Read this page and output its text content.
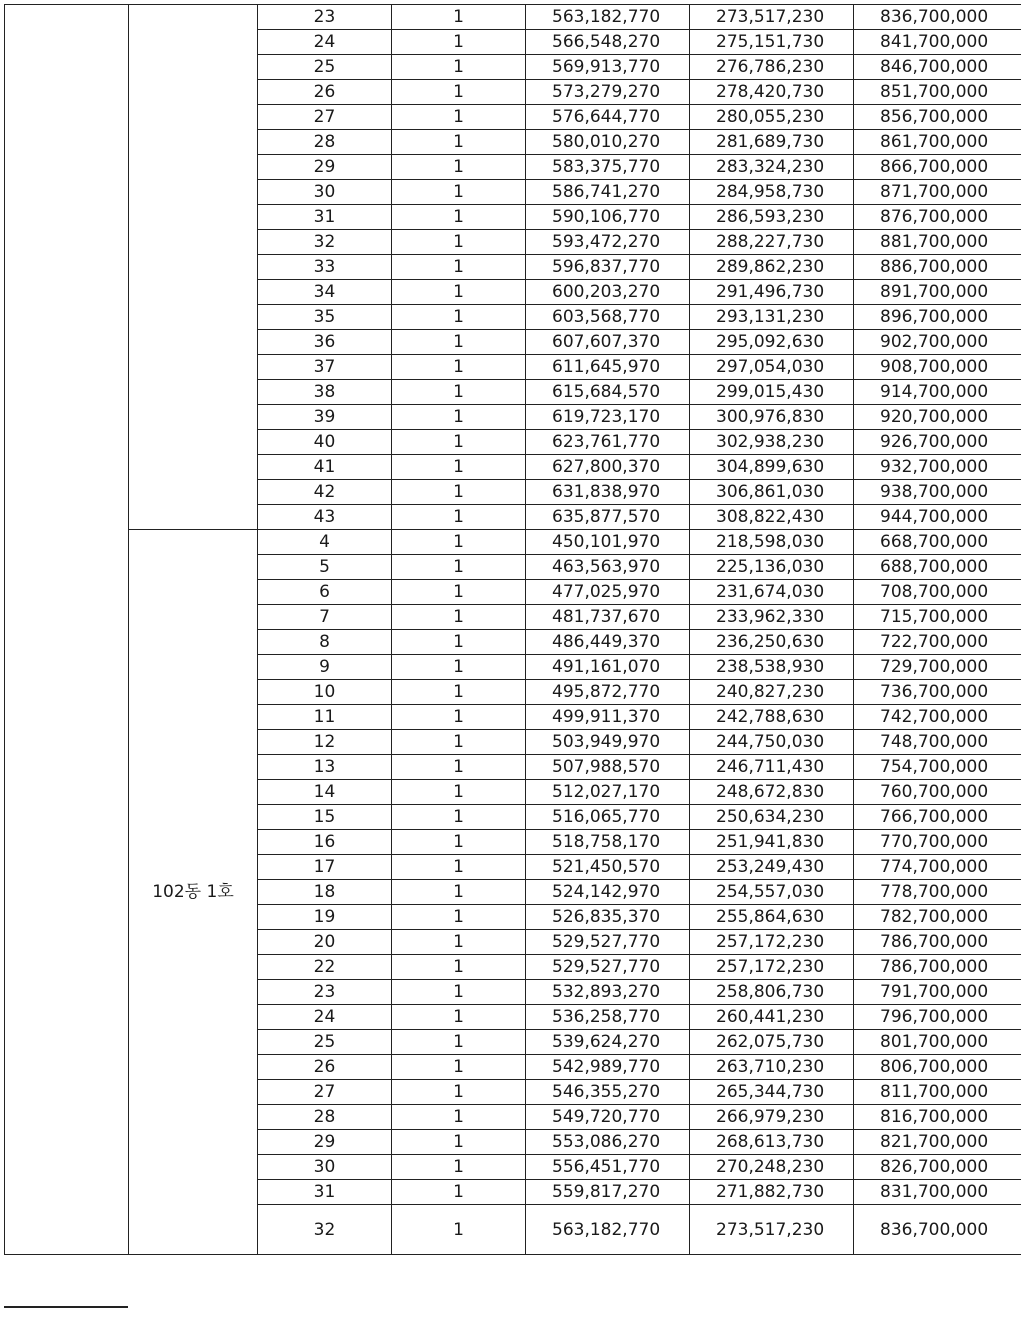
		23	1	563,182,770	273,517,230	836,700,000
		24	1	566,548,270	275,151,730	841,700,000
		25	1	569,913,770	276,786,230	846,700,000
		26	1	573,279,270	278,420,730	851,700,000
		27	1	576,644,770	280,055,230	856,700,000
		28	1	580,010,270	281,689,730	861,700,000
		29	1	583,375,770	283,324,230	866,700,000
		30	1	586,741,270	284,958,730	871,700,000
		31	1	590,106,770	286,593,230	876,700,000
		32	1	593,472,270	288,227,730	881,700,000
		33	1	596,837,770	289,862,230	886,700,000
		34	1	600,203,270	291,496,730	891,700,000
		35	1	603,568,770	293,131,230	896,700,000
		36	1	607,607,370	295,092,630	902,700,000
		37	1	611,645,970	297,054,030	908,700,000
		38	1	615,684,570	299,015,430	914,700,000
		39	1	619,723,170	300,976,830	920,700,000
		40	1	623,761,770	302,938,230	926,700,000
		41	1	627,800,370	304,899,630	932,700,000
		42	1	631,838,970	306,861,030	938,700,000
		43	1	635,877,570	308,822,430	944,700,000
	102동 1호	4	1	450,101,970	218,598,030	668,700,000
		5	1	463,563,970	225,136,030	688,700,000
		6	1	477,025,970	231,674,030	708,700,000
		7	1	481,737,670	233,962,330	715,700,000
		8	1	486,449,370	236,250,630	722,700,000
		9	1	491,161,070	238,538,930	729,700,000
		10	1	495,872,770	240,827,230	736,700,000
		11	1	499,911,370	242,788,630	742,700,000
		12	1	503,949,970	244,750,030	748,700,000
		13	1	507,988,570	246,711,430	754,700,000
		14	1	512,027,170	248,672,830	760,700,000
		15	1	516,065,770	250,634,230	766,700,000
		16	1	518,758,170	251,941,830	770,700,000
		17	1	521,450,570	253,249,430	774,700,000
		18	1	524,142,970	254,557,030	778,700,000
		19	1	526,835,370	255,864,630	782,700,000
		20	1	529,527,770	257,172,230	786,700,000
		22	1	529,527,770	257,172,230	786,700,000
		23	1	532,893,270	258,806,730	791,700,000
		24	1	536,258,770	260,441,230	796,700,000
		25	1	539,624,270	262,075,730	801,700,000
		26	1	542,989,770	263,710,230	806,700,000
		27	1	546,355,270	265,344,730	811,700,000
		28	1	549,720,770	266,979,230	816,700,000
		29	1	553,086,270	268,613,730	821,700,000
		30	1	556,451,770	270,248,230	826,700,000
		31	1	559,817,270	271,882,730	831,700,000
		32	1	563,182,770	273,517,230	836,700,000
